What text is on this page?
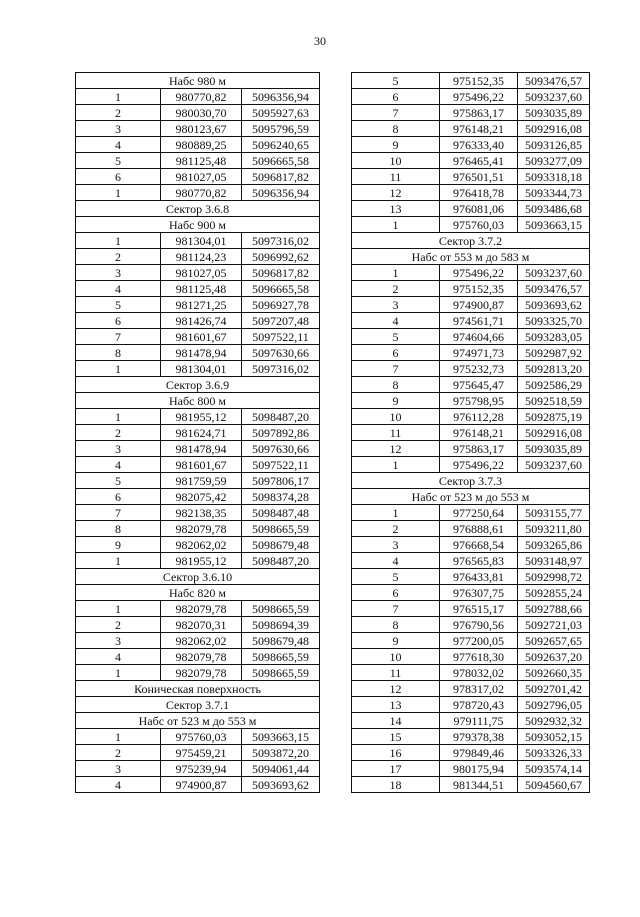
30
Набс 980 м		
1	980770,82	5096356,94
2	980030,70	5095927,63
3	980123,67	5095796,59
4	980889,25	5096240,65
5	981125,48	5096665,58
6	981027,05	5096817,82
1	980770,82	5096356,94
Сектор 3.6.8		
Набс 900 м		
1	981304,01	5097316,02
2	981124,23	5096992,62
3	981027,05	5096817,82
4	981125,48	5096665,58
5	981271,25	5096927,78
6	981426,74	5097207,48
7	981601,67	5097522,11
8	981478,94	5097630,66
1	981304,01	5097316,02
Сектор 3.6.9		
Набс 800 м		
1	981955,12	5098487,20
2	981624,71	5097892,86
3	981478,94	5097630,66
4	981601,67	5097522,11
5	981759,59	5097806,17
6	982075,42	5098374,28
7	982138,35	5098487,48
8	982079,78	5098665,59
9	982062,02	5098679,48
1	981955,12	5098487,20
Сектор 3.6.10		
Набс 820 м		
1	982079,78	5098665,59
2	982070,31	5098694,39
3	982062,02	5098679,48
4	982079,78	5098665,59
1	982079,78	5098665,59
Коническая поверхность		
Сектор 3.7.1		
Набс от 523 м до 553 м		
1	975760,03	5093663,15
2	975459,21	5093872,20
3	975239,94	5094061,44
4	974900,87	5093693,62
5	975152,35	5093476,57
6	975496,22	5093237,60
7	975863,17	5093035,89
8	976148,21	5092916,08
9	976333,40	5093126,85
10	976465,41	5093277,09
11	976501,51	5093318,18
12	976418,78	5093344,73
13	976081,06	5093486,68
1	975760,03	5093663,15
Сектор 3.7.2		
Набс от 553 м до 583 м		
1	975496,22	5093237,60
2	975152,35	5093476,57
3	974900,87	5093693,62
4	974561,71	5093325,70
5	974604,66	5093283,05
6	974971,73	5092987,92
7	975232,73	5092813,20
8	975645,47	5092586,29
9	975798,95	5092518,59
10	976112,28	5092875,19
11	976148,21	5092916,08
12	975863,17	5093035,89
1	975496,22	5093237,60
Сектор 3.7.3		
Набс от 523 м до 553 м		
1	977250,64	5093155,77
2	976888,61	5093211,80
3	976668,54	5093265,86
4	976565,83	5093148,97
5	976433,81	5092998,72
6	976307,75	5092855,24
7	976515,17	5092788,66
8	976790,56	5092721,03
9	977200,05	5092657,65
10	977618,30	5092637,20
11	978032,02	5092660,35
12	978317,02	5092701,42
13	978720,43	5092796,05
14	979111,75	5092932,32
15	979378,38	5093052,15
16	979849,46	5093326,33
17	980175,94	5093574,14
18	981344,51	5094560,67
